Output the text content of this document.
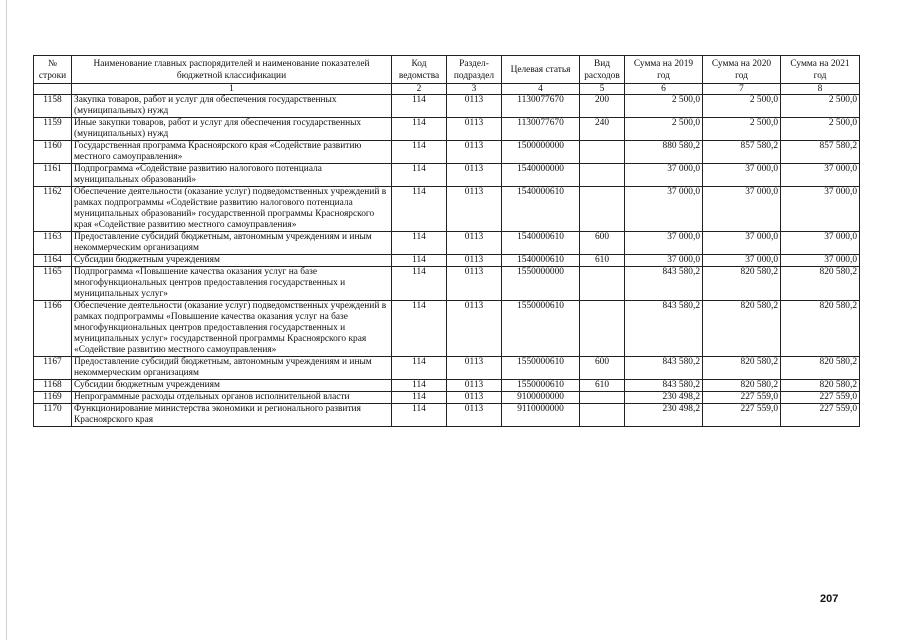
№ строки	Наименование главных распорядителей и наименование показателей бюджетной классификации	Код ведомства	Раздел-подраздел	Целевая статья	Вид расходов	Сумма на 2019 год	Сумма на 2020 год	Сумма на 2021 год
	1	2	3	4	5	6	7	8
1158	Закупка товаров, работ и услуг для обеспечения государственных (муниципальных) нужд	114	0113	1130077670	200	2 500,0	2 500,0	2 500,0
1159	Иные закупки товаров, работ и услуг для обеспечения государственных (муниципальных) нужд	114	0113	1130077670	240	2 500,0	2 500,0	2 500,0
1160	Государственная программа Красноярского края «Содействие развитию местного самоуправления»	114	0113	1500000000		880 580,2	857 580,2	857 580,2
1161	Подпрограмма «Содействие развитию налогового потенциала муниципальных образований»	114	0113	1540000000		37 000,0	37 000,0	37 000,0
1162	Обеспечение деятельности (оказание услуг) подведомственных учреждений в рамках подпрограммы «Содействие развитию налогового потенциала муниципальных образований» государственной программы Красноярского края «Содействие развитию местного самоуправления»	114	0113	1540000610		37 000,0	37 000,0	37 000,0
1163	Предоставление субсидий бюджетным, автономным учреждениям и иным некоммерческим организациям	114	0113	1540000610	600	37 000,0	37 000,0	37 000,0
1164	Субсидии бюджетным учреждениям	114	0113	1540000610	610	37 000,0	37 000,0	37 000,0
1165	Подпрограмма «Повышение качества оказания услуг на базе многофункциональных центров предоставления государственных и муниципальных услуг»	114	0113	1550000000		843 580,2	820 580,2	820 580,2
1166	Обеспечение деятельности (оказание услуг) подведомственных учреждений в рамках подпрограммы «Повышение качества оказания услуг на базе многофункциональных центров предоставления государственных и муниципальных услуг» государственной программы Красноярского края «Содействие развитию местного самоуправления»	114	0113	1550000610		843 580,2	820 580,2	820 580,2
1167	Предоставление субсидий бюджетным, автономным учреждениям и иным некоммерческим организациям	114	0113	1550000610	600	843 580,2	820 580,2	820 580,2
1168	Субсидии бюджетным учреждениям	114	0113	1550000610	610	843 580,2	820 580,2	820 580,2
1169	Непрограммные расходы отдельных органов исполнительной власти	114	0113	9100000000		230 498,2	227 559,0	227 559,0
1170	Функционирование министерства экономики и регионального развития Красноярского края	114	0113	9110000000		230 498,2	227 559,0	227 559,0
207
